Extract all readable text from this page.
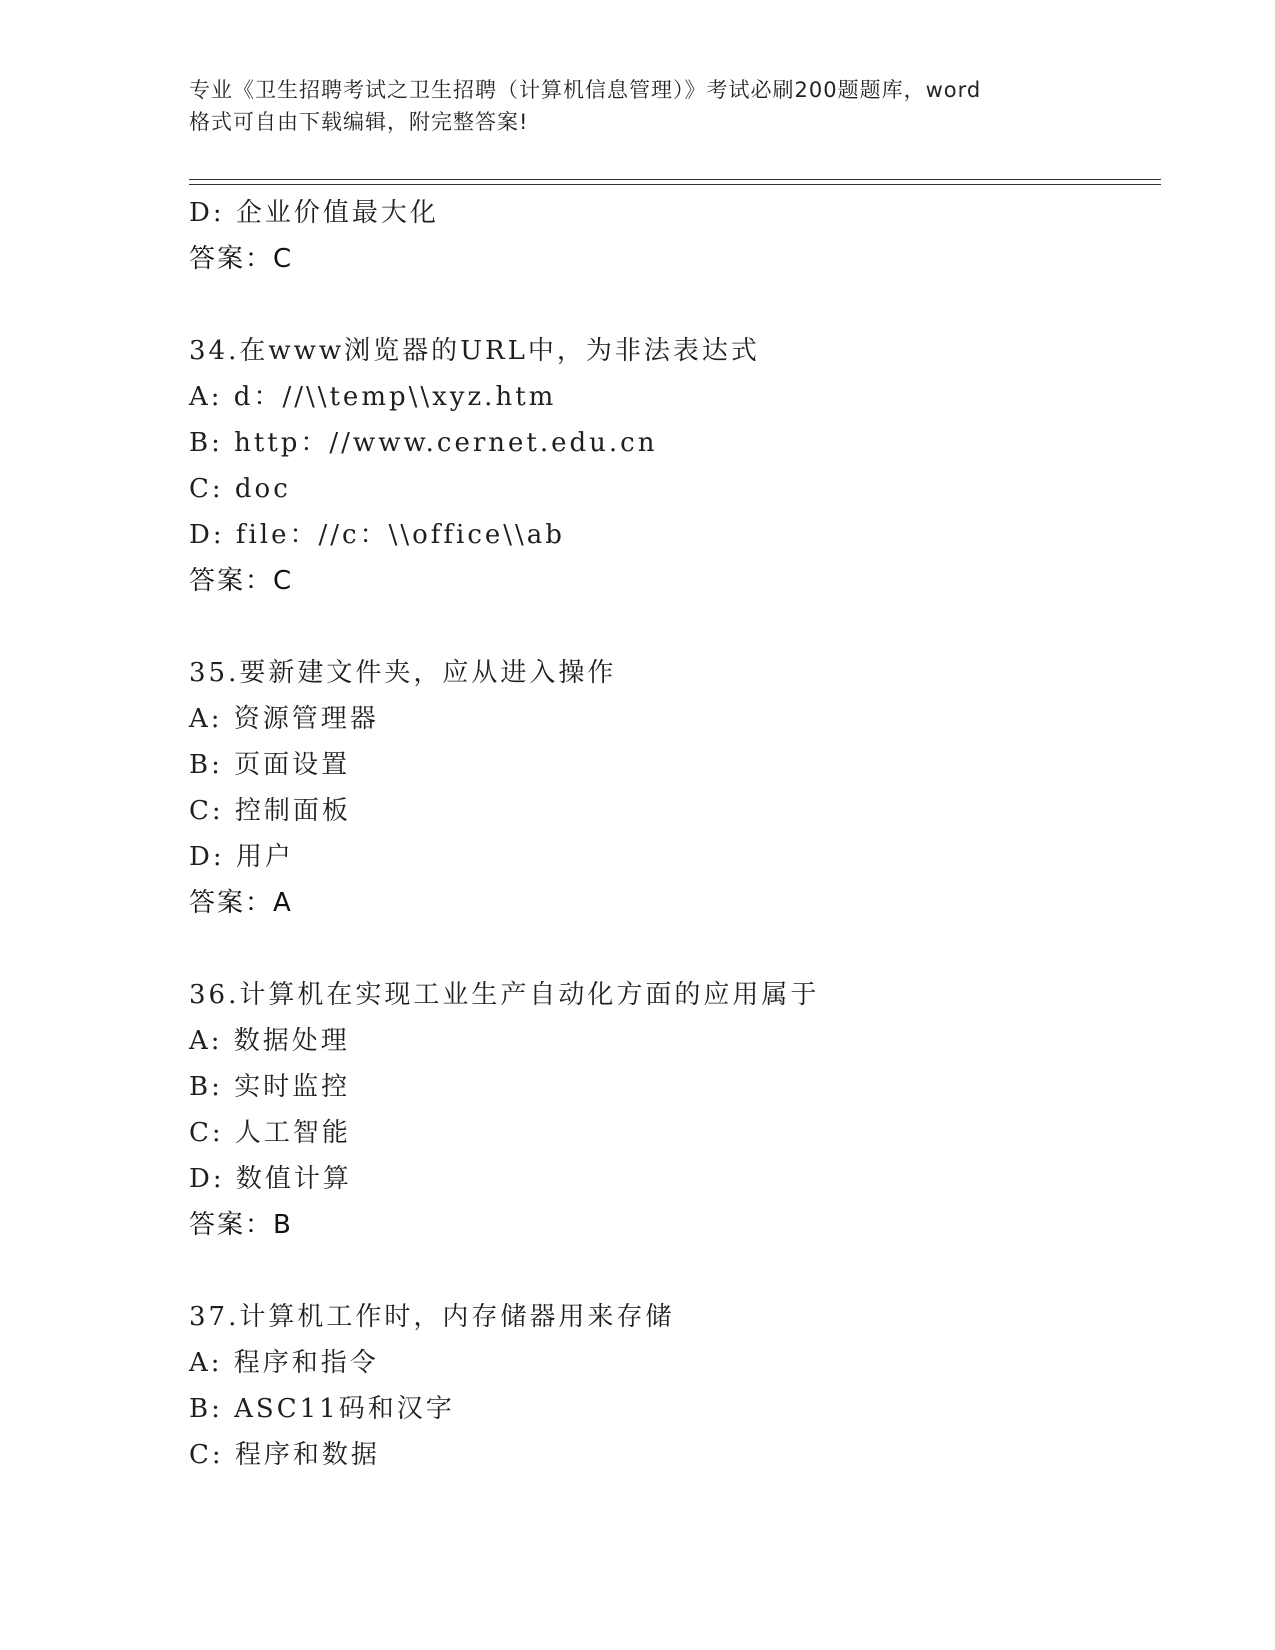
专业《卫生招聘考试之卫生招聘（计算机信息管理）》考试必刷200题题库，word
格式可自由下载编辑，附完整答案!
D: 企业价值最大化
答案：C
34.在www浏览器的URL中，为非法表达式
A: d：//\\temp\\xyz.htm
B: http：//www.cernet.edu.cn
C: doc
D: file：//c：\\office\\ab
答案：C
35.要新建文件夹，应从进入操作
A: 资源管理器
B: 页面设置
C: 控制面板
D: 用户
答案：A
36.计算机在实现工业生产自动化方面的应用属于
A: 数据处理
B: 实时监控
C: 人工智能
D: 数值计算
答案：B
37.计算机工作时，内存储器用来存储
A: 程序和指令
B: ASC11码和汉字
C: 程序和数据
